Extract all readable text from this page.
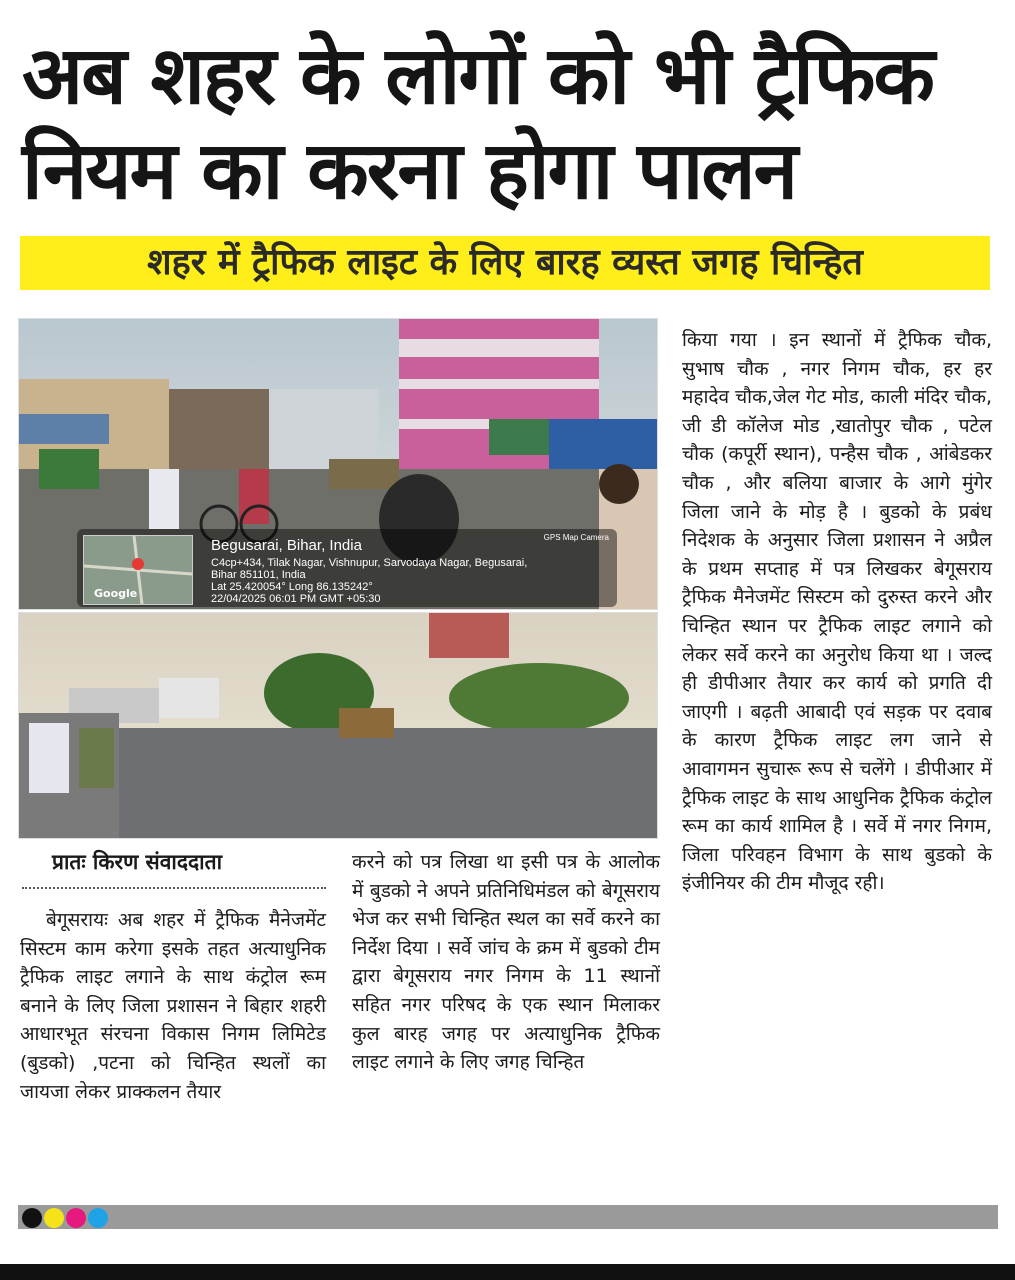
अब शहर के लोगों को भी ट्रैफिक
नियम का करना होगा पालन
शहर में ट्रैफिक लाइट के लिए बारह व्यस्त जगह चिन्हित
Google
GPS Map Camera
Begusarai, Bihar, India
C4cp+434, Tilak Nagar, Vishnupur, Sarvodaya Nagar, Begusarai, Bihar 851101, India
Lat 25.420054° Long 86.135242°
22/04/2025 06:01 PM GMT +05:30
प्रातः किरण संवाददाता
बेगूसरायः अब शहर में ट्रैफिक मैनेजमेंट सिस्टम काम करेगा इसके तहत अत्याधुनिक ट्रैफिक लाइट लगाने के साथ कंट्रोल रूम बनाने के लिए जिला प्रशासन ने बिहार शहरी आधारभूत संरचना विकास निगम लिमिटेड (बुडको) ,पटना को चिन्हित स्थलों का जायजा लेकर प्राक्कलन तैयार
करने को पत्र लिखा था इसी पत्र के आलोक में बुडको ने अपने प्रतिनिधिमंडल को बेगूसराय भेज कर सभी चिन्हित स्थल का सर्वे करने का निर्देश दिया । सर्वे जांच के क्रम में बुडको टीम द्वारा बेगूसराय नगर निगम के 11 स्थानों सहित नगर परिषद के एक स्थान मिलाकर कुल बारह जगह पर अत्याधुनिक ट्रैफिक लाइट लगाने के लिए जगह चिन्हित
किया गया । इन स्थानों में ट्रैफिक चौक, सुभाष चौक , नगर निगम चौक, हर हर महादेव चौक,जेल गेट मोड, काली मंदिर चौक, जी डी कॉलेज मोड ,खातोपुर चौक , पटेल चौक (कपूर्री स्थान), पन्हैस चौक , आंबेडकर चौक , और बलिया बाजार के आगे मुंगेर जिला जाने के मोड़ है । बुडको के प्रबंध निदेशक के अनुसार जिला प्रशासन ने अप्रैल के प्रथम सप्ताह में पत्र लिखकर बेगूसराय ट्रैफिक मैनेजमेंट सिस्टम को दुरुस्त करने और चिन्हित स्थान पर ट्रैफिक लाइट लगाने को लेकर सर्वे करने का अनुरोध किया था । जल्द ही डीपीआर तैयार कर कार्य को प्रगति दी जाएगी । बढ़ती आबादी एवं सड़क पर दवाब के कारण ट्रैफिक लाइट लग जाने से आवागमन सुचारू रूप से चलेंगे । डीपीआर में ट्रैफिक लाइट के साथ आधुनिक ट्रैफिक कंट्रोल रूम का कार्य शामिल है । सर्वे में नगर निगम, जिला परिवहन विभाग के साथ बुडको के इंजीनियर की टीम मौजूद रही।
